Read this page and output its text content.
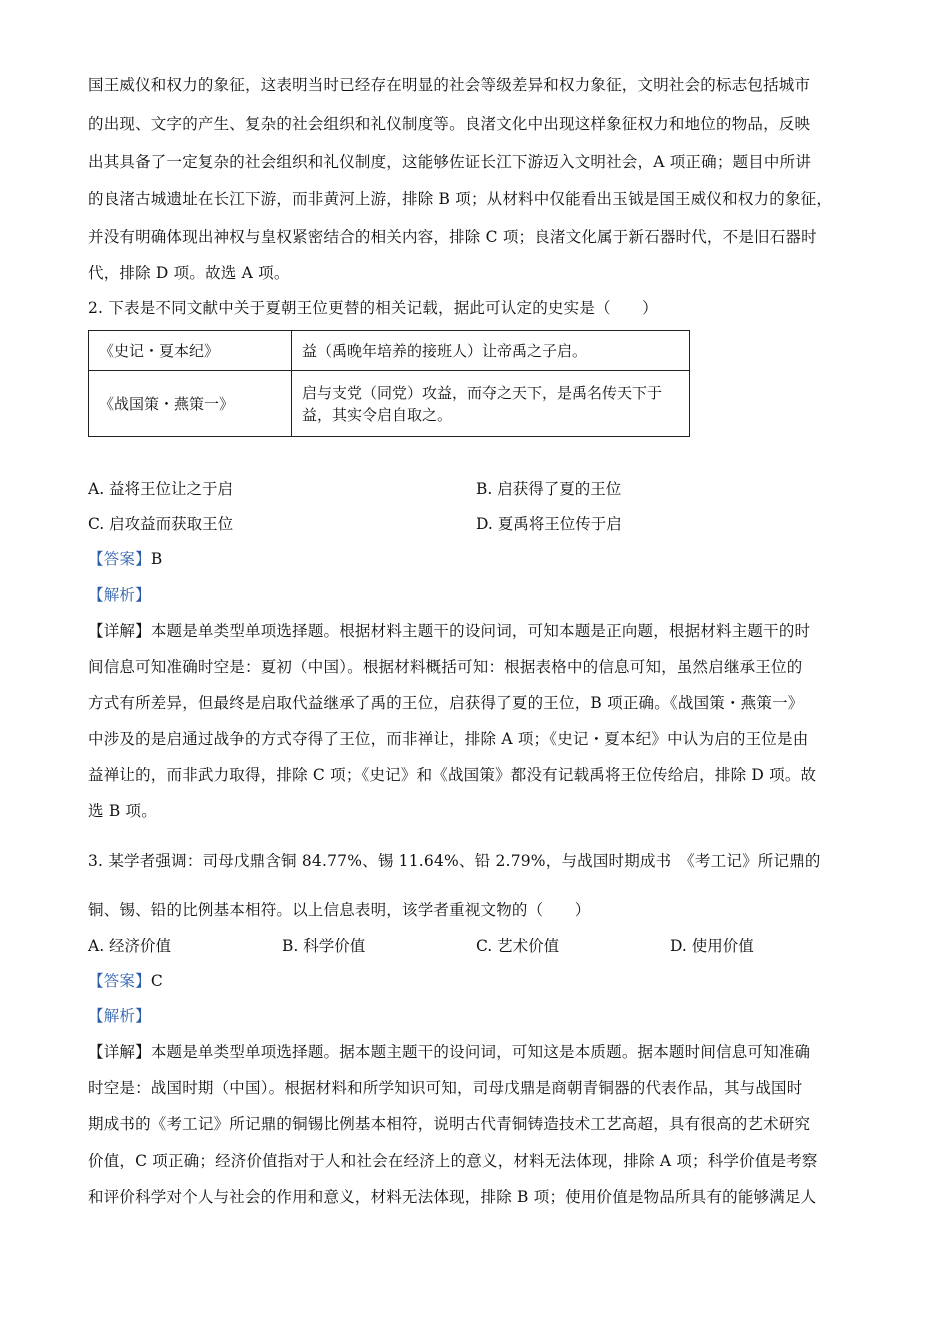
国王威仪和权力的象征，这表明当时已经存在明显的社会等级差异和权力象征，文明社会的标志包括城市
的出现、文字的产生、复杂的社会组织和礼仪制度等。良渚文化中出现这样象征权力和地位的物品，反映
出其具备了一定复杂的社会组织和礼仪制度，这能够佐证长江下游迈入文明社会，A 项正确；题目中所讲
的良渚古城遗址在长江下游，而非黄河上游，排除 B 项；从材料中仅能看出玉钺是国王威仪和权力的象征，
并没有明确体现出神权与皇权紧密结合的相关内容，排除 C 项；良渚文化属于新石器时代，不是旧石器时
代，排除 D 项。故选 A 项。
2. 下表是不同文献中关于夏朝王位更替的相关记载，据此可认定的史实是（　　）
《史记・夏本纪》	益（禹晚年培养的接班人）让帝禹之子启。
《战国策・燕策一》	启与支党（同党）攻益，而夺之天下，是禹名传天下于益，其实令启自取之。
A. 益将王位让之于启	B. 启获得了夏的王位
C. 启攻益而获取王位	D. 夏禹将王位传于启
【答案】B
【解析】
【详解】本题是单类型单项选择题。根据材料主题干的设问词，可知本题是正向题，根据材料主题干的时
间信息可知准确时空是：夏初（中国）。根据材料概括可知：根据表格中的信息可知，虽然启继承王位的
方式有所差异，但最终是启取代益继承了禹的王位，启获得了夏的王位，B 项正确。《战国策・燕策一》
中涉及的是启通过战争的方式夺得了王位，而非禅让，排除 A 项；《史记・夏本纪》中认为启的王位是由
益禅让的，而非武力取得，排除 C 项；《史记》和《战国策》都没有记载禹将王位传给启，排除 D 项。故
选 B 项。
3. 某学者强调：司母戊鼎含铜 84.77%、锡 11.64%、铅 2.79%，与战国时期成书　《考工记》所记鼎的
铜、锡、铅的比例基本相符。以上信息表明，该学者重视文物的（　　）
A. 经济价值	B. 科学价值	C. 艺术价值	D. 使用价值
【答案】C
【解析】
【详解】本题是单类型单项选择题。据本题主题干的设问词，可知这是本质题。据本题时间信息可知准确
时空是：战国时期（中国）。根据材料和所学知识可知，司母戊鼎是商朝青铜器的代表作品，其与战国时
期成书的《考工记》所记鼎的铜锡比例基本相符，说明古代青铜铸造技术工艺高超，具有很高的艺术研究
价值，C 项正确；经济价值指对于人和社会在经济上的意义，材料无法体现，排除 A 项；科学价值是考察
和评价科学对个人与社会的作用和意义，材料无法体现，排除 B 项；使用价值是物品所具有的能够满足人
